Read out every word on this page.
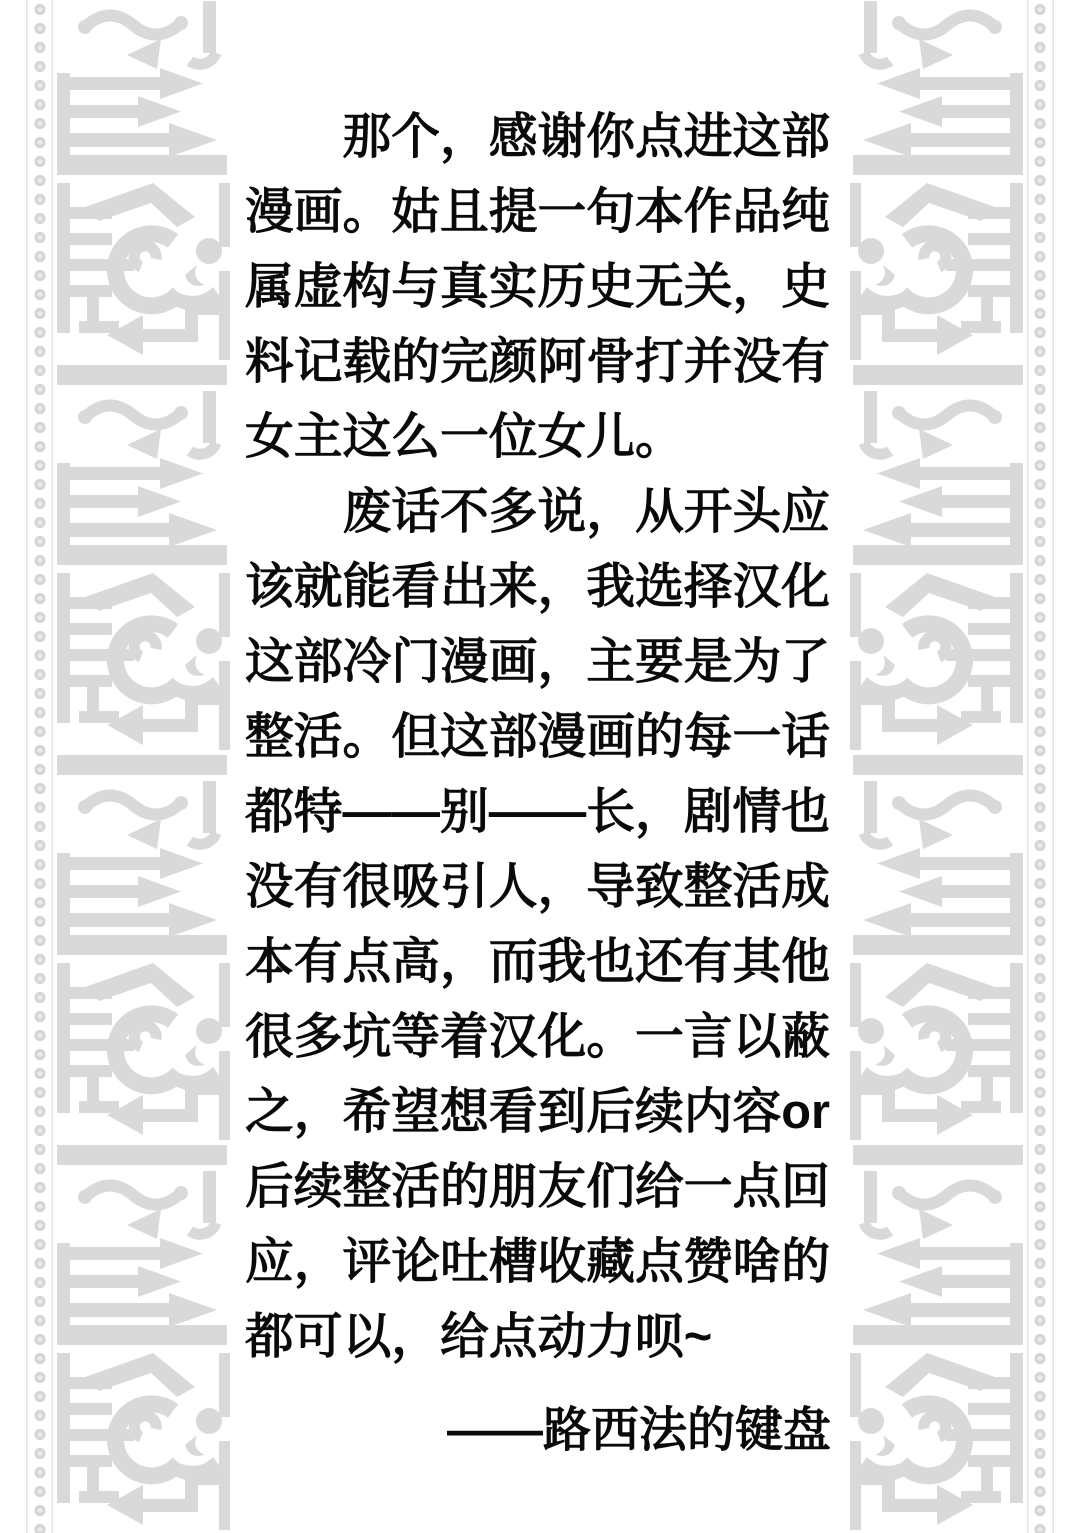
　　那个，感谢你点进这部
漫画。姑且提一句本作品纯
属虚构与真实历史无关，史
料记载的完颜阿骨打并没有
女主这么一位女儿。
　　废话不多说，从开头应
该就能看出来，我选择汉化
这部冷门漫画，主要是为了
整活。但这部漫画的每一话
都特——别——长，剧情也
没有很吸引人，导致整活成
本有点高，而我也还有其他
很多坑等着汉化。一言以蔽
之，希望想看到后续内容or
后续整活的朋友们给一点回
应，评论吐槽收藏点赞啥的
都可以，给点动力呗~
——路西法的键盘
